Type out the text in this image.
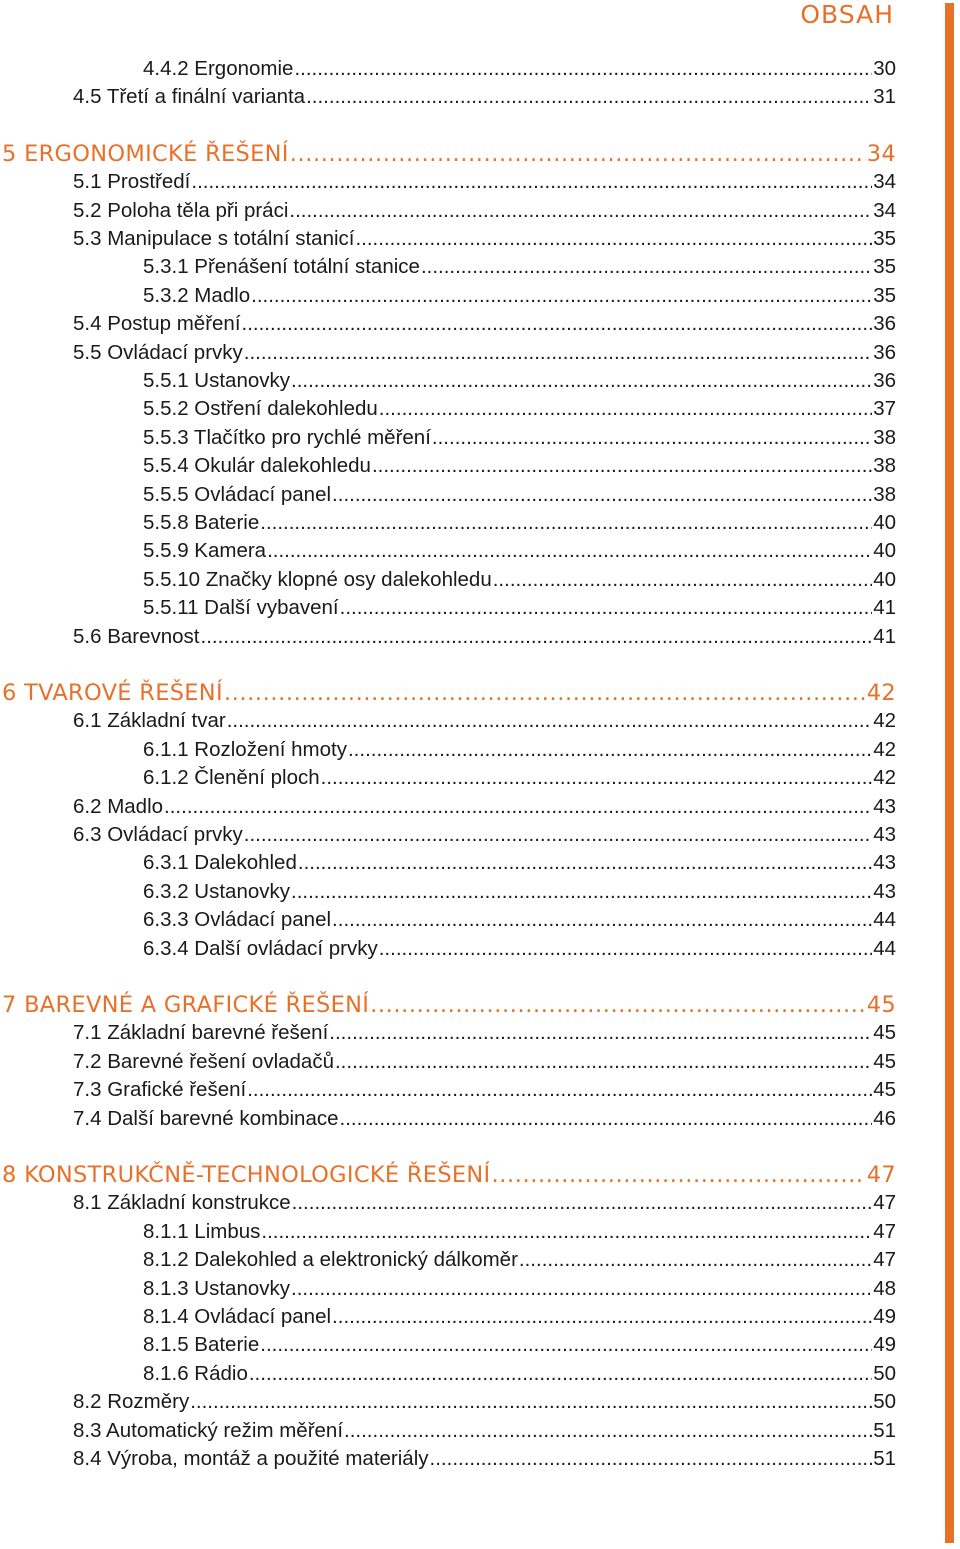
OBSAH
4.4.2 Ergonomie .....	30
4.5 Třetí a finální varianta .....	31
5 ERGONOMICKÉ ŘEŠENÍ .....	34
5.1 Prostředí .....	34
5.2 Poloha těla při práci .....	34
5.3 Manipulace s totální stanicí .....	35
5.3.1 Přenášení totální stanice .....	35
5.3.2 Madlo .....	35
5.4 Postup měření .....	36
5.5 Ovládací prvky .....	36
5.5.1 Ustanovky .....	36
5.5.2 Ostření dalekohledu .....	37
5.5.3 Tlačítko pro rychlé měření .....	38
5.5.4 Okulár dalekohledu .....	38
5.5.5 Ovládací panel .....	38
5.5.8 Baterie .....	40
5.5.9 Kamera .....	40
5.5.10 Značky klopné osy dalekohledu .....	40
5.5.11 Další vybavení .....	41
5.6 Barevnost .....	41
6 TVAROVÉ ŘEŠENÍ .....	42
6.1 Základní tvar .....	42
6.1.1 Rozložení hmoty .....	42
6.1.2 Členění ploch .....	42
6.2 Madlo .....	43
6.3 Ovládací prvky .....	43
6.3.1 Dalekohled .....	43
6.3.2 Ustanovky .....	43
6.3.3 Ovládací panel .....	44
6.3.4 Další ovládací prvky .....	44
7 BAREVNÉ A GRAFICKÉ ŘEŠENÍ .....	45
7.1 Základní barevné řešení .....	45
7.2 Barevné řešení ovladačů .....	45
7.3 Grafické řešení .....	45
7.4 Další barevné kombinace .....	46
8 KONSTRUKČNĚ-TECHNOLOGICKÉ ŘEŠENÍ .....	47
8.1 Základní konstrukce .....	47
8.1.1 Limbus .....	47
8.1.2 Dalekohled a elektronický dálkoměr .....	47
8.1.3 Ustanovky .....	48
8.1.4 Ovládací panel .....	49
8.1.5 Baterie .....	49
8.1.6 Rádio .....	50
8.2 Rozměry .....	50
8.3 Automatický režim měření .....	51
8.4 Výroba, montáž a použité materiály .....	51
